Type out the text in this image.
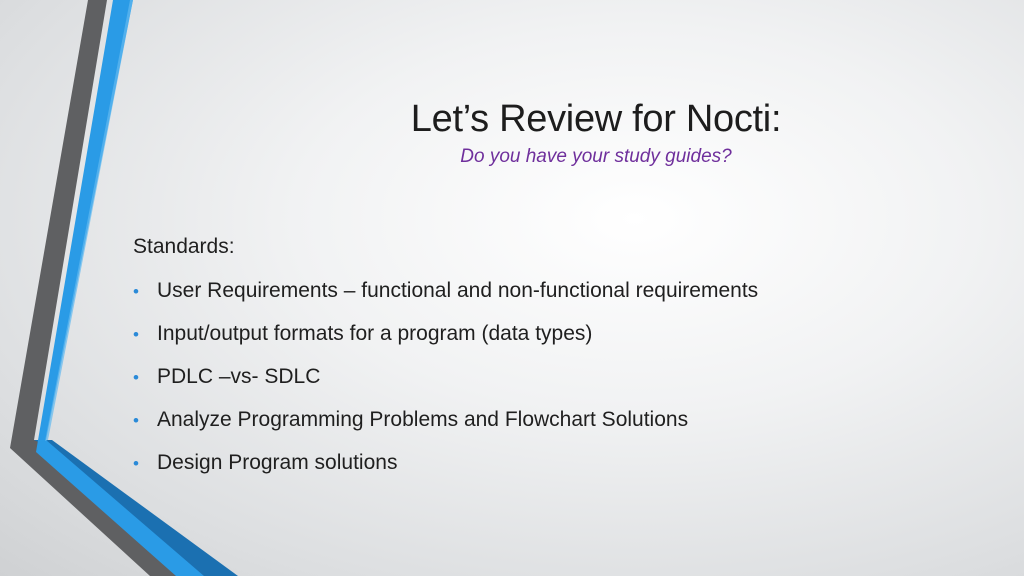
Let’s Review for Nocti:
Do you have your study guides?
Standards:
• User Requirements – functional and non-functional requirements
• Input/output formats for a program (data types)
• PDLC –vs- SDLC
• Analyze Programming Problems and Flowchart Solutions
• Design Program solutions
